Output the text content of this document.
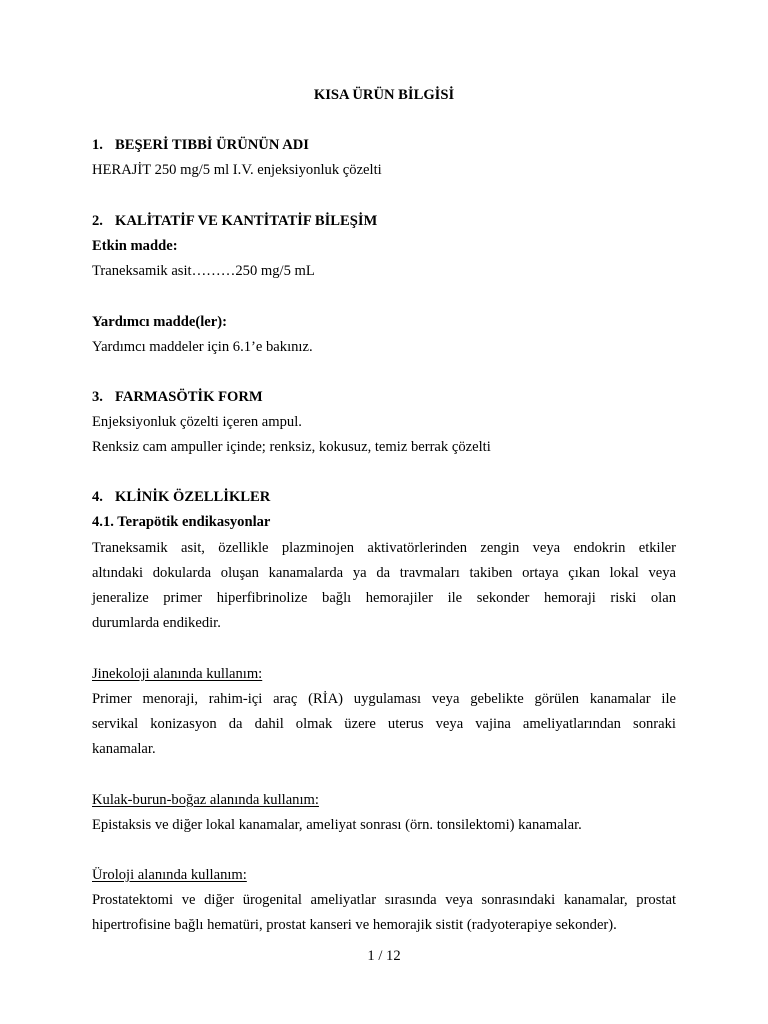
KISA ÜRÜN BİLGİSİ
1. BEŞERİ TIBBİ ÜRÜNÜN ADI
HERAJİT 250 mg/5 ml I.V. enjeksiyonluk çözelti
2. KALİTATİF VE KANTİTATİF BİLEŞİM
Etkin madde:
Traneksamik asit………250 mg/5 mL
Yardımcı madde(ler):
Yardımcı maddeler için 6.1’e bakınız.
3. FARMASÖTİK FORM
Enjeksiyonluk çözelti içeren ampul.
Renksiz cam ampuller içinde; renksiz, kokusuz, temiz berrak çözelti
4. KLİNİK ÖZELLİKLER
4.1. Terapötik endikasyonlar
Traneksamik asit, özellikle plazminojen aktivatörlerinden zengin veya endokrin etkiler
altındaki dokularda oluşan kanamalarda ya da travmaları takiben ortaya çıkan lokal veya
jeneralize primer hiperfibrinolize bağlı hemorajiler ile sekonder hemoraji riski olan
durumlarda endikedir.
Jinekoloji alanında kullanım:
Primer menoraji, rahim-içi araç (RİA) uygulaması veya gebelikte görülen kanamalar ile
servikal konizasyon da dahil olmak üzere uterus veya vajina ameliyatlarından sonraki
kanamalar.
Kulak-burun-boğaz alanında kullanım:
Epistaksis ve diğer lokal kanamalar, ameliyat sonrası (örn. tonsilektomi) kanamalar.
Üroloji alanında kullanım:
Prostatektomi ve diğer ürogenital ameliyatlar sırasında veya sonrasındaki kanamalar, prostat
hipertrofisine bağlı hematüri, prostat kanseri ve hemorajik sistit (radyoterapiye sekonder).
1 / 12
